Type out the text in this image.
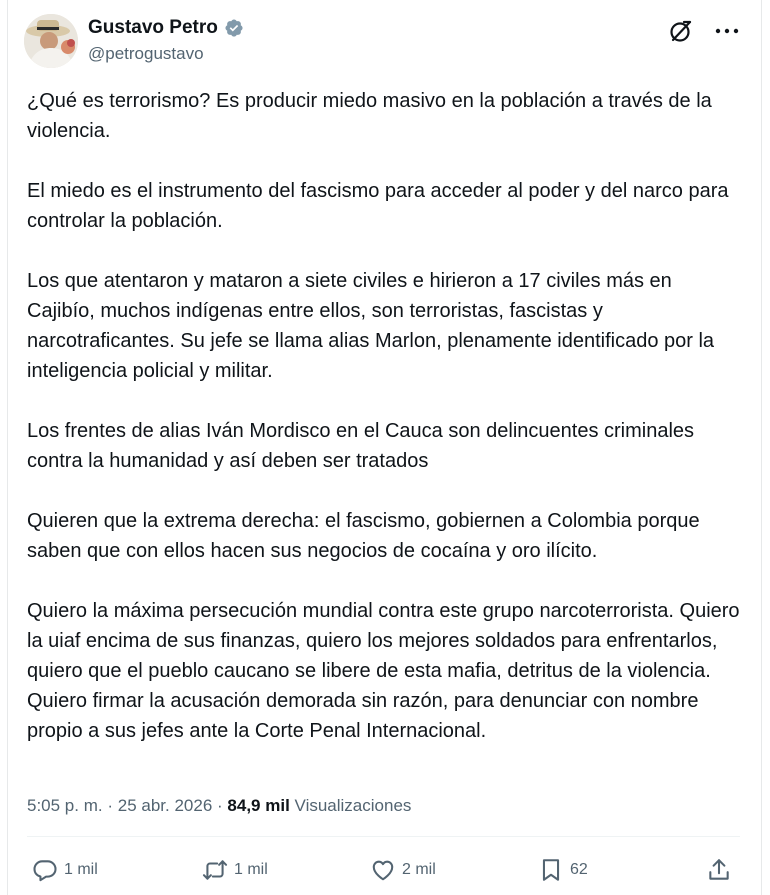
Gustavo Petro
@petrogustavo

¿Qué es terrorismo? Es producir miedo masivo en la población a través de la violencia.

El miedo es el instrumento del fascismo para acceder al poder y del narco para controlar la población.

Los que atentaron y mataron a siete civiles e hirieron a 17 civiles más en Cajibío, muchos indígenas entre ellos, son terroristas, fascistas y narcotraficantes. Su jefe se llama alias Marlon, plenamente identificado por la inteligencia policial y militar.

Los frentes de alias Iván Mordisco en el Cauca son delincuentes criminales contra la humanidad y así deben ser tratados

Quieren que la extrema derecha: el fascismo, gobiernen a Colombia porque saben que con ellos hacen sus negocios de cocaína y oro ilícito.

Quiero la máxima persecución mundial contra este grupo narcoterrorista. Quiero la uiaf encima de sus finanzas, quiero los mejores soldados para enfrentarlos, quiero que el pueblo caucano se libere de esta mafia, detritus de la violencia. Quiero firmar la acusación demorada sin razón, para denunciar con nombre propio a sus jefes ante la Corte Penal Internacional.

5:05 p. m. · 25 abr. 2026 · 84,9 mil Visualizaciones
1 mil	1 mil	2 mil	62
